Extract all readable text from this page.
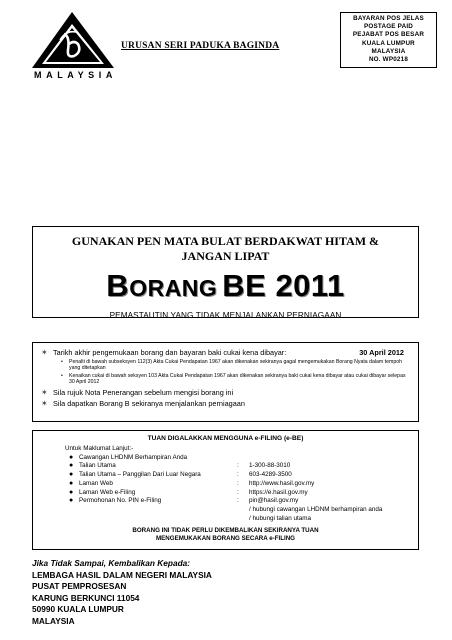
MALAYSIA
URUSAN SERI PADUKA BAGINDA
BAYARAN POS JELAS
POSTAGE PAID
PEJABAT POS BESAR
KUALA LUMPUR
MALAYSIA
NO. WP0218
GUNAKAN PEN MATA BULAT BERDAKWAT HITAM &
JANGAN LIPAT
BORANG BE 2011
PEMASTAUTIN YANG TIDAK MENJALANKAN PERNIAGAAN
✶ Tarikh akhir pengemukaan borang dan bayaran baki cukai kena dibayar:	30 April 2012
•	Penalti di bawah subseksyen 112(3) Akta Cukai Pendapatan 1967 akan dikenakan sekiranya gagal mengemukakan Borang Nyata dalam tempoh yang ditetapkan
•	Kenaikan cukai di bawah seksyen 103 Akta Cukai Pendapatan 1967 akan dikenakan sekiranya baki cukai kena dibayar atau cukai dibayar selepas 30 April 2012
✶ Sila rujuk Nota Penerangan sebelum mengisi borang ini
✶ Sila dapatkan Borang B sekiranya menjalankan perniagaan
TUAN DIGALAKKAN MENGGUNA e-FILING (e-BE)
Untuk Maklumat Lanjut:-
● Cawangan LHDNM Berhampiran Anda
● Talian Utama	:	1-300-88-3010
● Talian Utama – Panggilan Dari Luar Negara	:	603-4289-3500
● Laman Web	:	http://www.hasil.gov.my
● Laman Web e-Filing	:	https://e.hasil.gov.my
● Permohonan No. PIN e-Filing	:	pin@hasil.gov.my
/ hubungi cawangan LHDNM berhampiran anda
/ hubungi talian utama
BORANG INI TIDAK PERLU DIKEMBALIKAN SEKIRANYA TUAN
MENGEMUKAKAN BORANG SECARA e-FILING
Jika Tidak Sampai, Kembalikan Kepada:
LEMBAGA HASIL DALAM NEGERI MALAYSIA
PUSAT PEMPROSESAN
KARUNG BERKUNCI 11054
50990 KUALA LUMPUR
MALAYSIA
